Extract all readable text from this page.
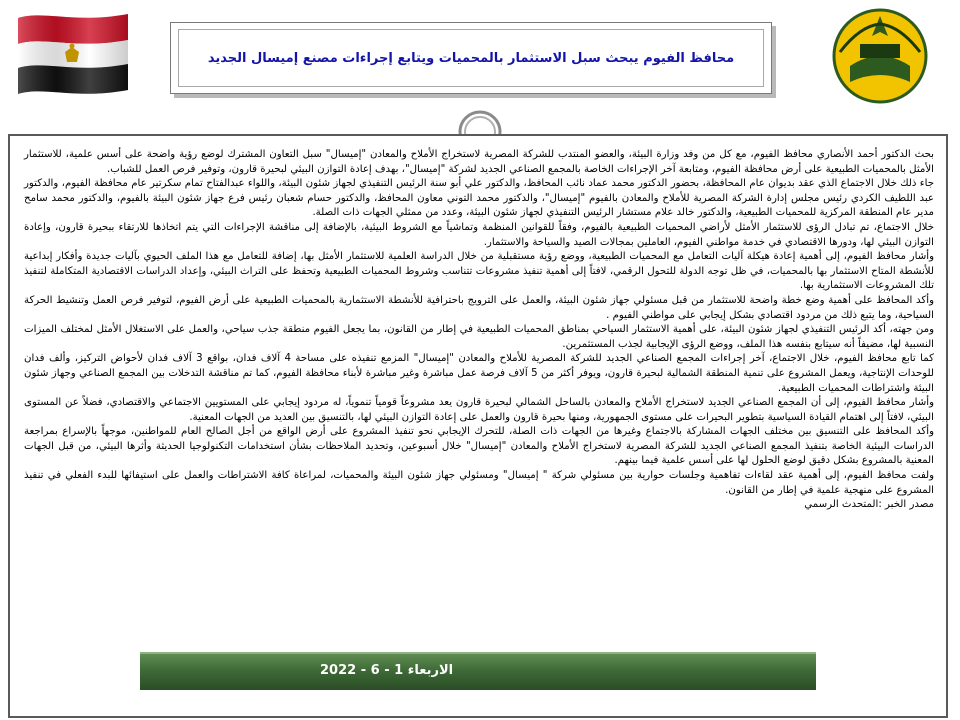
محافظ الفيوم يبحث سبل الاستثمار بالمحميات ويتابع إجراءات مصنع إميسال الجديد

بحث الدكتور أحمد الأنصاري محافظ الفيوم، مع كل من وفد وزارة البيئة، والعضو المنتدب للشركة المصرية لاستخراج الأملاح والمعادن "إميسال" سبل التعاون المشترك لوضع رؤية واضحة على أسس علمية، للاستثمار الأمثل بالمحميات الطبيعية على أرض محافظة الفيوم، ومتابعة آخر الإجراءات الخاصة بالمجمع الصناعي الجديد لشركة "إميسال"، بهدف إعادة التوازن البيئي لبحيرة قارون، وتوفير فرص العمل للشباب.

جاء ذلك خلال الاجتماع الذي عقد بديوان عام المحافظة، بحضور الدكتور محمد عماد نائب المحافظ، والدكتور علي أبو سنة الرئيس التنفيذي لجهاز شئون البيئة، واللواء عبدالفتاح تمام سكرتير عام محافظة الفيوم، والدكتور عبد اللطيف الكردي رئيس مجلس إدارة الشركة المصرية للأملاح والمعادن بالفيوم "إميسال"، والدكتور محمد التوني معاون المحافظ، والدكتور حسام شعبان رئيس فرع جهاز شئون البيئة بالفيوم، والدكتور محمد سامح مدير عام المنطقة المركزية للمحميات الطبيعية، والدكتور خالد علام مستشار الرئيس التنفيذي لجهاز شئون البيئة، وعدد من ممثلي الجهات ذات الصلة.

خلال الاجتماع، تم تبادل الرؤى للاستثمار الأمثل لأراضي المحميات الطبيعية بالفيوم، وفقاً للقوانين المنظمة وتماشياً مع الشروط البيئية، بالإضافة إلى مناقشة الإجراءات التي يتم اتخاذها للارتقاء ببحيرة قارون، وإعادة التوازن البيئي لها، ودورها الاقتصادي في خدمة مواطني الفيوم، العاملين بمجالات الصيد والسياحة والاستثمار.

وأشار محافظ الفيوم، إلى أهمية إعادة هيكلة آليات التعامل مع المحميات الطبيعية، ووضع رؤية مستقبلية من خلال الدراسة العلمية للاستثمار الأمثل بها، إضافة للتعامل مع هذا الملف الحيوي بآليات جديدة وأفكار إبداعية للأنشطة المتاح الاستثمار بها بالمحميات، في ظل توجه الدولة للتحول الرقمي، لافتاً إلى أهمية تنفيذ مشروعات تتناسب وشروط المحميات الطبيعية وتحفظ على التراث البيئي، وإعداد الدراسات الاقتصادية المتكاملة لتنفيذ تلك المشروعات الاستثمارية بها.

وأكد المحافظ على أهمية وضع خطة واضحة للاستثمار من قبل مسئولي جهاز شئون البيئة، والعمل على الترويج باحترافية للأنشطة الاستثمارية بالمحميات الطبيعية على أرض الفيوم، لتوفير فرص العمل وتنشيط الحركة السياحية، وما يتبع ذلك من مردود اقتصادي بشكل إيجابي على مواطني الفيوم .

ومن جهته، أكد الرئيس التنفيذي لجهاز شئون البيئة، على أهمية الاستثمار السياحي بمناطق المحميات الطبيعية في إطار من القانون، بما يجعل الفيوم منطقة جذب سياحي، والعمل على الاستغلال الأمثل لمختلف الميزات النسبية لها، مضيفاً أنه سيتابع بنفسه هذا الملف، ووضع الرؤى الإيجابية لجذب المستثمرين.

كما تابع محافظ الفيوم، خلال الاجتماع، آخر إجراءات المجمع الصناعي الجديد للشركة المصرية للأملاح والمعادن "إميسال" المزمع تنفيذه على مساحة 4 آلاف فدان، بواقع 3 آلاف فدان لأحواض التركيز، وألف فدان للوحدات الإنتاجية، ويعمل المشروع على تنمية المنطقة الشمالية لبحيرة قارون، ويوفر أكثر من 5 آلاف فرصة عمل مباشرة وغير مباشرة لأبناء محافظة الفيوم، كما تم مناقشة التدخلات بين المجمع الصناعي وجهاز شئون البيئة واشتراطات المحميات الطبيعية.

وأشار محافظ الفيوم، إلى أن المجمع الصناعي الجديد لاستخراج الأملاح والمعادن بالساحل الشمالي لبحيرة قارون يعد مشروعاً قومياً تنموياً، له مردود إيجابي على المستويين الاجتماعي والاقتصادي، فضلاً عن المستوى البيئي، لافتاً إلى اهتمام القيادة السياسية بتطوير البحيرات على مستوى الجمهورية، ومنها بحيرة قارون والعمل على إعادة التوازن البيئي لها، بالتنسيق بين العديد من الجهات المعنية.

وأكد المحافظ على التنسيق بين مختلف الجهات المشاركة بالاجتماع وغيرها من الجهات ذات الصلة، للتحرك الإيجابي نحو تنفيذ المشروع على أرض الواقع من أجل الصالح العام للمواطنين، موجهاً بالإسراع بمراجعة الدراسات البيئية الخاصة بتنفيذ المجمع الصناعي الجديد للشركة المصرية لاستخراج الأملاح والمعادن "إميسال" خلال أسبوعين، وتحديد الملاحظات بشأن استخدامات التكنولوجيا الحديثة وأثرها البيئي، من قبل الجهات المعنية بالمشروع بشكل دقيق لوضع الحلول لها على أسس علمية فيما بينهم.

ولفت محافظ الفيوم، إلى أهمية عقد لقاءات تفاهمية وجلسات حوارية بين مسئولي شركة " إميسال" ومسئولي جهاز شئون البيئة والمحميات، لمراعاة كافة الاشتراطات والعمل على استيفائها للبدء الفعلي في تنفيذ المشروع على منهجية علمية في إطار من القانون.

مصدر الخبر :المتحدث الرسمي

الاربعاء 1 - 6 - 2022
